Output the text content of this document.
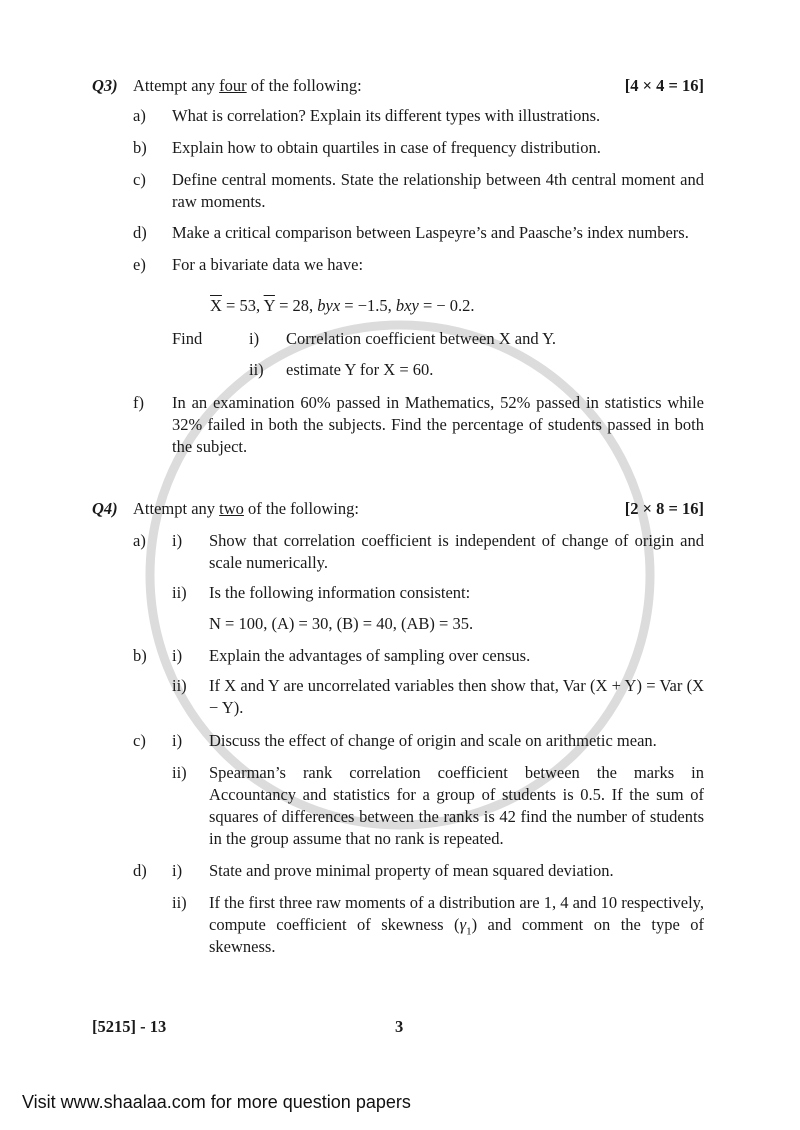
Q3) Attempt any four of the following:	[4 × 4 = 16]
a)	What is correlation? Explain its different types with illustrations.
b)	Explain how to obtain quartiles in case of frequency distribution.
c)	Define central moments. State the relationship between 4th central moment and raw moments.
d)	Make a critical comparison between Laspeyre’s and Paasche’s index numbers.
e)	For a bivariate data we have:
$\overline{X} = 53$, $\overline{Y} = 28$, byx = −1.5, bxy = − 0.2.
Find	i)	Correlation coefficient between X and Y.
ii)	estimate Y for X = 60.
f)	In an examination 60% passed in Mathematics, 52% passed in statistics while 32% failed in both the subjects. Find the percentage of students passed in both the subject.
Q4) Attempt any two of the following:	[2 × 8 = 16]
a)	i)	Show that correlation coefficient is independent of change of origin and scale numerically.
ii)	Is the following information consistent:
N = 100, (A) = 30, (B) = 40, (AB) = 35.
b)	i)	Explain the advantages of sampling over census.
ii)	If X and Y are uncorrelated variables then show that, Var (X + Y) = Var (X − Y).
c)	i)	Discuss the effect of change of origin and scale on arithmetic mean.
ii)	Spearman’s rank correlation coefficient between the marks in Accountancy and statistics for a group of students is 0.5. If the sum of squares of differences between the ranks is 42 find the number of students in the group assume that no rank is repeated.
d)	i)	State and prove minimal property of mean squared deviation.
ii)	If the first three raw moments of a distribution are 1, 4 and 10 respectively, compute coefficient of skewness $(\gamma_1)$ and comment on the type of skewness.
[5215] - 13	3
Visit www.shaalaa.com for more question papers
